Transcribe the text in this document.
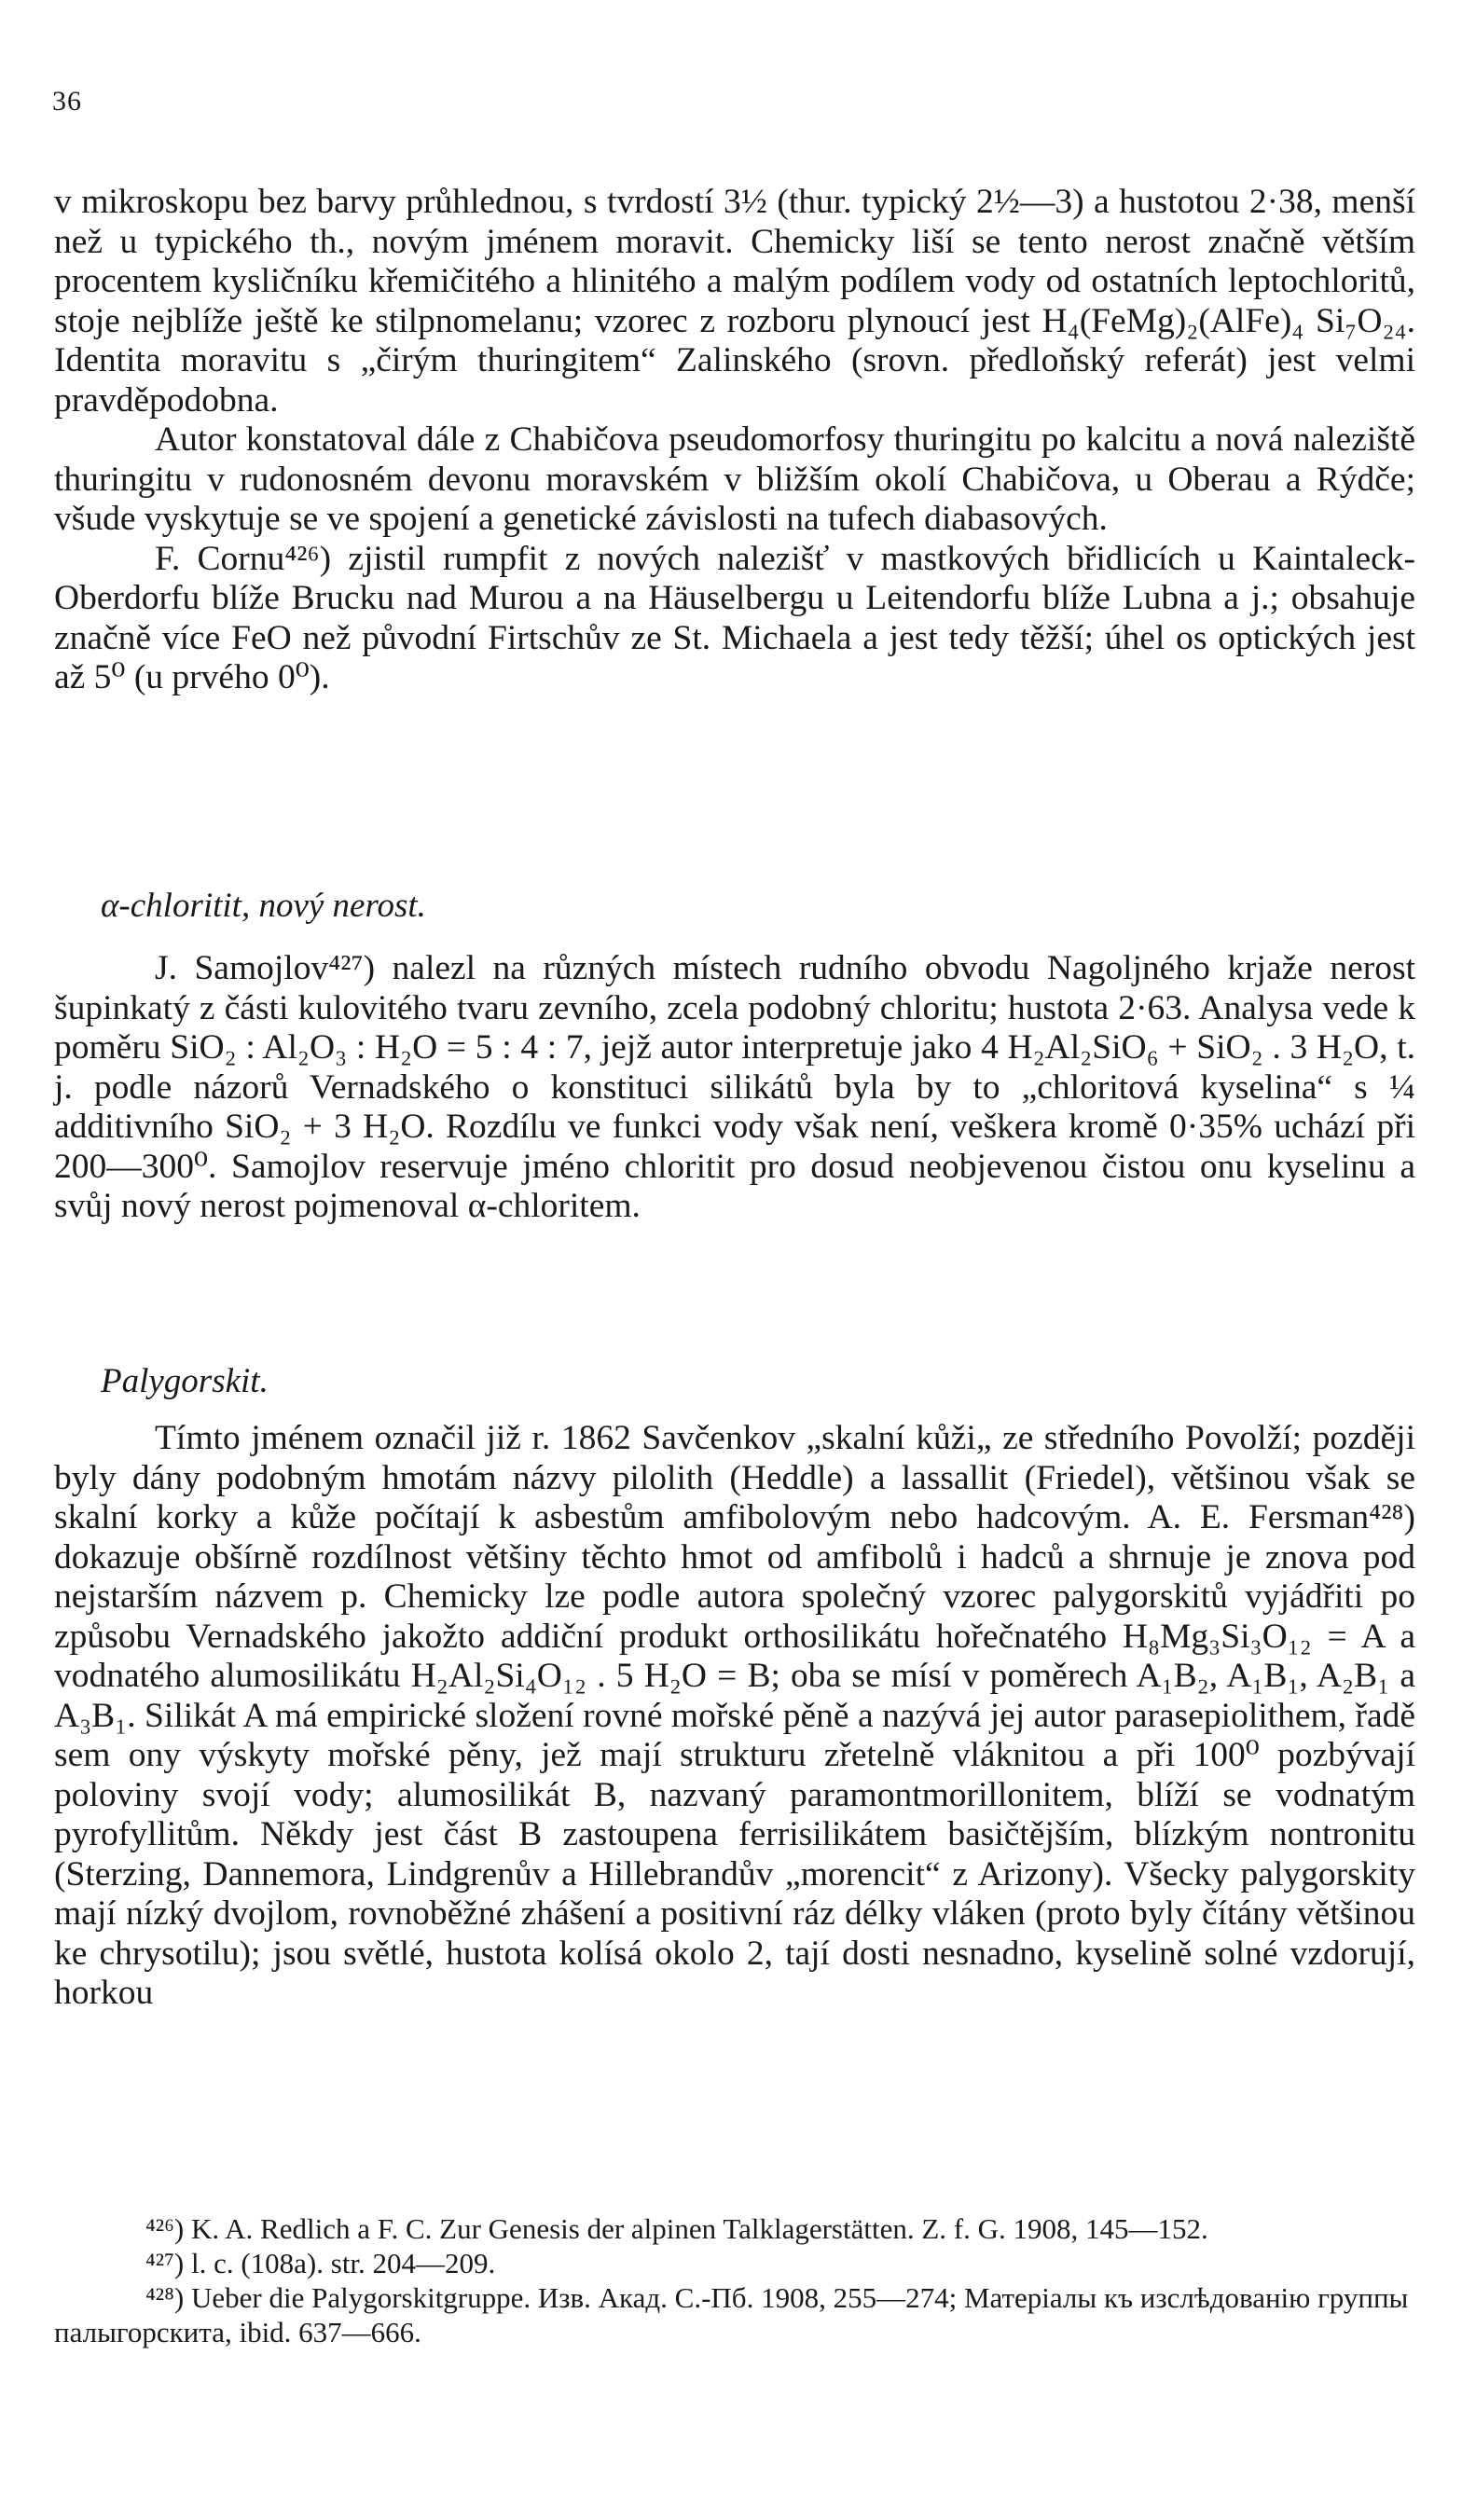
36

v mikroskopu bez barvy průhlednou, s tvrdostí 3½ (thur. typický 2½—3) a hustotou 2·38, menší než u typického th., novým jménem moravit. Chemicky liší se tento nerost značně větším procentem kysličníku křemičitého a hlinitého a malým podílem vody od ostatních leptochloritů, stoje nejblíže ještě ke stilpnomelanu; vzorec z rozboru plynoucí jest H₄(FeMg)₂(AlFe)₄ Si₇O₂₄. Identita moravitu s „čirým thuringitem“ Zalinského (srovn. předloňský referát) jest velmi pravděpodobna.

Autor konstatoval dále z Chabičova pseudomorfosy thuringitu po kalcitu a nová naleziště thuringitu v rudonosném devonu moravském v bližším okolí Chabičova, u Oberau a Rýdče; všude vyskytuje se ve spojení a genetické závislosti na tufech diabasových.

F. Cornu⁴²⁶) zjistil rumpfit z nových nalezišť v mastkových břidlicích u Kaintaleck-Oberdorfu blíže Brucku nad Murou a na Häuselbergu u Leitendorfu blíže Lubna a j.; obsahuje značně více FeO než původní Firtschův ze St. Michaela a jest tedy těžší; úhel os optických jest až 5⁰ (u prvého 0⁰).

α-chloritit, nový nerost.

J. Samojlov⁴²⁷) nalezl na různých místech rudního obvodu Nagoljného krjaže nerost šupinkatý z části kulovitého tvaru zevního, zcela podobný chloritu; hustota 2·63. Analysa vede k poměru SiO₂ : Al₂O₃ : H₂O = 5 : 4 : 7, jejž autor interpretuje jako 4 H₂Al₂SiO₆ + SiO₂ . 3 H₂O, t. j. podle názorů Vernadského o konstituci silikátů byla by to „chloritová kyselina“ s ¼ additivního SiO₂ + 3 H₂O. Rozdílu ve funkci vody však není, veškera kromě 0·35% uchází při 200—300⁰. Samojlov reservuje jméno chloritit pro dosud neobjevenou čistou onu kyselinu a svůj nový nerost pojmenoval α-chloritem.

Palygorskit.

Tímto jménem označil již r. 1862 Savčenkov „skalní kůži„ ze středního Povolží; později byly dány podobným hmotám názvy pilolith (Heddle) a lassallit (Friedel), většinou však se skalní korky a kůže počítají k asbestům amfibolovým nebo hadcovým. A. E. Fersman⁴²⁸) dokazuje obšírně rozdílnost většiny těchto hmot od amfibolů i hadců a shrnuje je znova pod nejstarším názvem p. Chemicky lze podle autora společný vzorec palygorskitů vyjádřiti po způsobu Vernadského jakožto addiční produkt orthosilikátu hořečnatého H₈Mg₃Si₃O₁₂ = A a vodnatého alumosilikátu H₂Al₂Si₄O₁₂ . 5 H₂O = B; oba se mísí v poměrech A₁B₂, A₁B₁, A₂B₁ a A₃B₁. Silikát A má empirické složení rovné mořské pěně a nazývá jej autor parasepiolithem, řadě sem ony výskyty mořské pěny, jež mají strukturu zřetelně vláknitou a při 100⁰ pozbývají poloviny svojí vody; alumosilikát B, nazvaný paramontmorillonitem, blíží se vodnatým pyrofyllitům. Někdy jest část B zastoupena ferrisilikátem basičtějším, blízkým nontronitu (Sterzing, Dannemora, Lindgrenův a Hillebrandův „morencit“ z Arizony). Všecky palygorskity mají nízký dvojlom, rovnoběžné zhášení a positivní ráz délky vláken (proto byly čítány většinou ke chrysotilu); jsou světlé, hustota kolísá okolo 2, tají dosti nesnadno, kyselině solné vzdorují, horkou

⁴²⁶) K. A. Redlich a F. C. Zur Genesis der alpinen Talklagerstätten. Z. f. G. 1908, 145—152.

⁴²⁷) l. c. (108a). str. 204—209.

⁴²⁸) Ueber die Palygorskitgruppe. Изв. Акад. С.-Пб. 1908, 255—274; Матеріалы къ изслѣдованію группы палыгорскита, ibid. 637—666.
